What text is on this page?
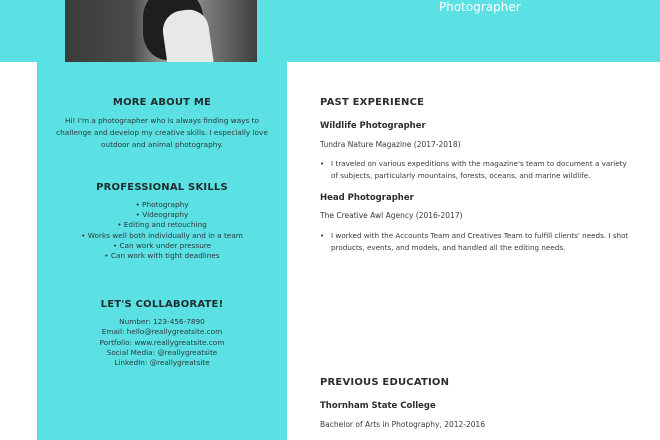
Photographer
MORE ABOUT ME

Hi! I'm a photographer who is always finding ways to challenge and develop my creative skills. I especially love outdoor and animal photography.

PROFESSIONAL SKILLS
• Photography
• Videography
• Editing and retouching
• Works well both individually and in a team
• Can work under pressure
• Can work with tight deadlines
LET'S COLLABORATE!
Number: 123-456-7890
Email: hello@reallygreatsite.com
Portfolio: www.reallygreatsite.com
Social Media: @reallygreatsite
LinkedIn: @reallygreatsite
PAST EXPERIENCE
Wildlife Photographer
Tundra Nature Magazine (2017-2018)
• I traveled on various expeditions with the magazine's team to document a variety of subjects, particularly mountains, forests, oceans, and marine wildlife.
Head Photographer
The Creative Awl Agency (2016-2017)
• I worked with the Accounts Team and Creatives Team to fulfill clients' needs. I shot products, events, and models, and handled all the editing needs.
PREVIOUS EDUCATION
Thornham State College
Bachelor of Arts in Photography, 2012-2016
